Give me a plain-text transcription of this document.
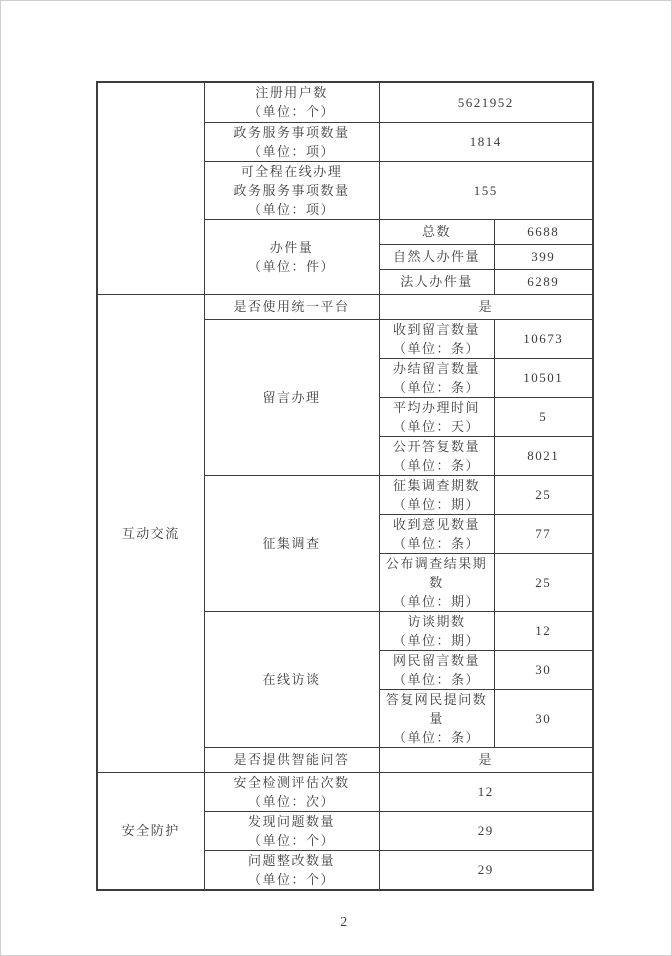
	注册用户数
（单位：个）	5621952	

	政务服务事项数量
（单位：项）	1814	

	可全程在线办理
政务服务事项数量
（单位：项）	155	

	办件量
（单位：件）	总数	6688
		自然人办件量	399
		法人办件量	6289
互动交流	是否使用统一平台	是	
	留言办理	收到留言数量
（单位：条）	10673

		办结留言数量
（单位：条）	10501

		平均办理时间
（单位：天）	5

		公开答复数量
（单位：条）	8021
	征集调查	征集调查期数
（单位：期）	25

		收到意见数量
（单位：条）	77

		公布调查结果期数
（单位：期）	25
	在线访谈	访谈期数
（单位：期）	12

		网民留言数量
（单位：条）	30

		答复网民提问数量
（单位：条）	30
	是否提供智能问答	是	
安全防护	安全检测评估次数
（单位：次）	12	

	发现问题数量
（单位：个）	29	

	问题整改数量
（单位：个）	29	
2
